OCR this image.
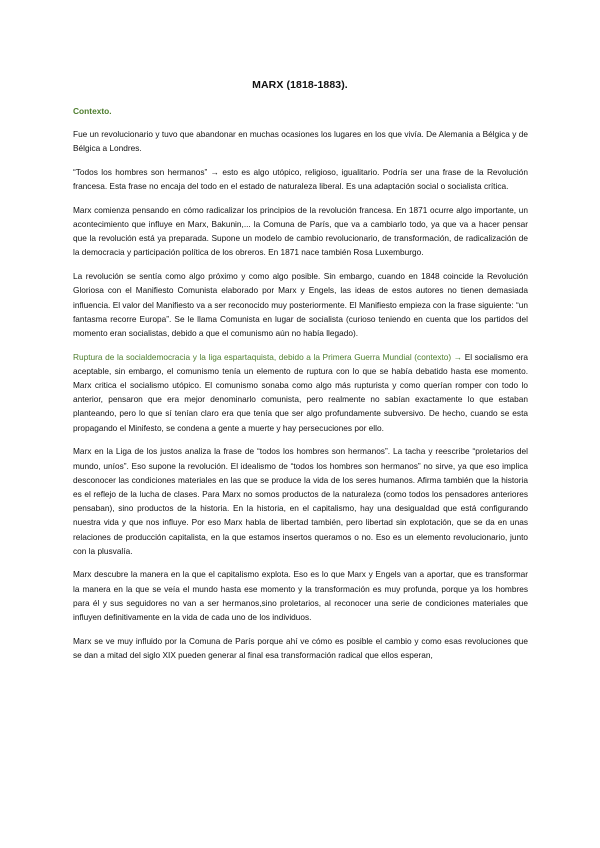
MARX (1818-1883).
Contexto.

Fue un revolucionario y tuvo que abandonar en muchas ocasiones los lugares en los que vivía. De Alemania a Bélgica y de Bélgica a Londres.

“Todos los hombres son hermanos” → esto es algo utópico, religioso, igualitario. Podría ser una frase de la Revolución francesa. Esta frase no encaja del todo en el estado de naturaleza liberal. Es una adaptación social o socialista crítica.

Marx comienza pensando en cómo radicalizar los principios de la revolución francesa. En 1871 ocurre algo importante, un acontecimiento que influye en Marx, Bakunin,... la Comuna de París, que va a cambiarlo todo, ya que va a hacer pensar que la revolución está ya preparada. Supone un modelo de cambio revolucionario, de transformación, de radicalización de la democracia y participación política de los obreros. En 1871 nace también Rosa Luxemburgo.

La revolución se sentía como algo próximo y como algo posible. Sin embargo, cuando en 1848 coincide la Revolución Gloriosa con el Manifiesto Comunista elaborado por Marx y Engels, las ideas de estos autores no tienen demasiada influencia. El valor del Manifiesto va a ser reconocido muy posteriormente. El Manifiesto empieza con la frase siguiente: “un fantasma recorre Europa”. Se le llama Comunista en lugar de socialista (curioso teniendo en cuenta que los partidos del momento eran socialistas, debido a que el comunismo aún no había llegado).

Ruptura de la socialdemocracia y la liga espartaquista, debido a la Primera Guerra Mundial (contexto) → El socialismo era aceptable, sin embargo, el comunismo tenía un elemento de ruptura con lo que se había debatido hasta ese momento. Marx critica el socialismo utópico. El comunismo sonaba como algo más rupturista y como querían romper con todo lo anterior, pensaron que era mejor denominarlo comunista, pero realmente no sabían exactamente lo que estaban planteando, pero lo que sí tenían claro era que tenía que ser algo profundamente subversivo. De hecho, cuando se esta propagando el Minifesto, se condena a gente a muerte y hay persecuciones por ello.

Marx en la Liga de los justos analiza la frase de “todos los hombres son hermanos”. La tacha y reescribe “proletarios del mundo, uníos”. Eso supone la revolución. El idealismo de “todos los hombres son hermanos” no sirve, ya que eso implica desconocer las condiciones materiales en las que se produce la vida de los seres humanos. Afirma también que la historia es el reflejo de la lucha de clases. Para Marx no somos productos de la naturaleza (como todos los pensadores anteriores pensaban), sino productos de la historia. En la historia, en el capitalismo, hay una desigualdad que está configurando nuestra vida y que nos influye. Por eso Marx habla de libertad también, pero libertad sin explotación, que se da en unas relaciones de producción capitalista, en la que estamos insertos queramos o no. Eso es un elemento revolucionario, junto con la plusvalía.

Marx descubre la manera en la que el capitalismo explota. Eso es lo que Marx y Engels van a aportar, que es transformar la manera en la que se veía el mundo hasta ese momento y la transformación es muy profunda, porque ya los hombres para él y sus seguidores no van a ser hermanos,sino proletarios, al reconocer una serie de condiciones materiales que influyen definitivamente en la vida de cada uno de los individuos.

Marx se ve muy influido por la Comuna de París porque ahí ve cómo es posible el cambio y como esas revoluciones que se dan a mitad del siglo XIX pueden generar al final esa transformación radical que ellos esperan,
